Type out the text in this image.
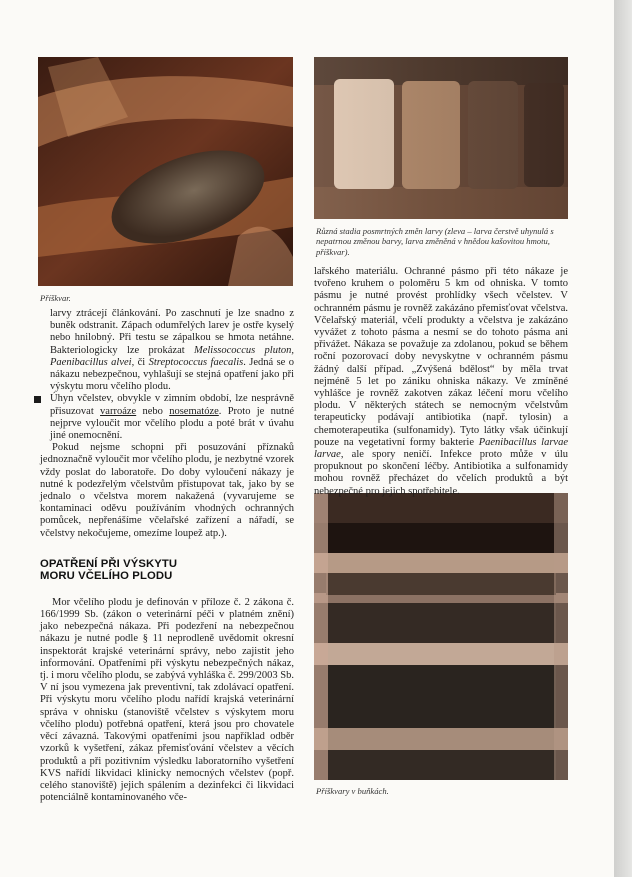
Příškvar.

Různá stadia posmrtných změn larvy (zleva – larva čerstvě uhynulá s nepatrnou změnou barvy, larva změněná v hnědou kašovitou hmotu, příškvar).

Příškvary v buňkách.

larvy ztrácejí článkování. Po zaschnutí je lze snadno z buněk odstranit. Zápach odumřelých larev je ostře kyselý nebo hnilobný. Při testu se zápalkou se hmota netáhne. Bakteriologicky lze prokázat Melissococcus pluton, Paenibacillus alvei, či Streptococcus faecalis. Jedná se o nákazu nebezpečnou, vyhlašují se stejná opatření jako při výskytu moru včelího plodu.

Úhyn včelstev, obvykle v zimním období, lze nesprávně přisuzovat varroáze nebo nosematóze. Proto je nutné nejprve vyloučit mor včelího plodu a poté brát v úvahu jiné onemocnění.

Pokud nejsme schopni při posuzování příznaků jednoznačně vyloučit mor včelího plodu, je nezbytné vzorek vždy poslat do laboratoře. Do doby vyloučení nákazy je nutné k podezřelým včelstvům přistupovat tak, jako by se jednalo o včelstva morem nakažená (vyvarujeme se kontaminaci oděvu používáním vhodných ochranných pomůcek, nepřenášíme včelařské zařízení a nářadí, se včelstvy nekočujeme, omezíme loupež atp.).

OPATŘENÍ PŘI VÝSKYTU
MORU VČELÍHO PLODU

Mor včelího plodu je definován v příloze č. 2 zákona č. 166/1999 Sb. (zákon o veterinární péči v platném znění) jako nebezpečná nákaza. Při podezření na nebezpečnou nákazu je nutné podle § 11 neprodleně uvědomit okresní inspektorát krajské veterinární správy, nebo zajistit jeho informování. Opatřeními při výskytu nebezpečných nákaz, tj. i moru včelího plodu, se zabývá vyhláška č. 299/2003 Sb. V ní jsou vymezena jak preventivní, tak zdolávací opatření. Při výskytu moru včelího plodu nařídí krajská veterinární správa v ohnisku (stanoviště včelstev s výskytem moru včelího plodu) potřebná opatření, která jsou pro chovatele věcí závazná. Takovými opatřeními jsou například odběr vzorků k vyšetření, zákaz přemisťování včelstev a věcích produktů a při pozitivním výsledku laboratorního vyšetření KVS nařídí likvidaci klinicky nemocných včelstev (popř. celého stanoviště) jejich spálením a dezinfekci či likvidaci potenciálně kontaminovaného vče-

lařského materiálu. Ochranné pásmo při této nákaze je tvořeno kruhem o poloměru 5 km od ohniska. V tomto pásmu je nutné provést prohlídky všech včelstev. V ochranném pásmu je rovněž zakázáno přemisťovat včelstva. Včelařský materiál, včelí produkty a včelstva je zakázáno vyvážet z tohoto pásma a nesmí se do tohoto pásma ani přivážet. Nákaza se považuje za zdolanou, pokud se během roční pozorovací doby nevyskytne v ochranném pásmu žádný další případ. „Zvýšená bdělost“ by měla trvat nejméně 5 let po zániku ohniska nákazy. Ve zmíněné vyhlášce je rovněž zakotven zákaz léčení moru včelího plodu. V některých státech se nemocným včelstvům terapeuticky podávají antibiotika (např. tylosin) a chemoterapeutika (sulfonamidy). Tyto látky však účinkují pouze na vegetativní formy bakterie Paenibacillus larvae larvae, ale spory neničí. Infekce proto může v úlu propuknout po skončení léčby. Antibiotika a sulfonamidy mohou rovněž přecházet do včelích produktů a být nebezpečné pro jejich spotřebitele.
